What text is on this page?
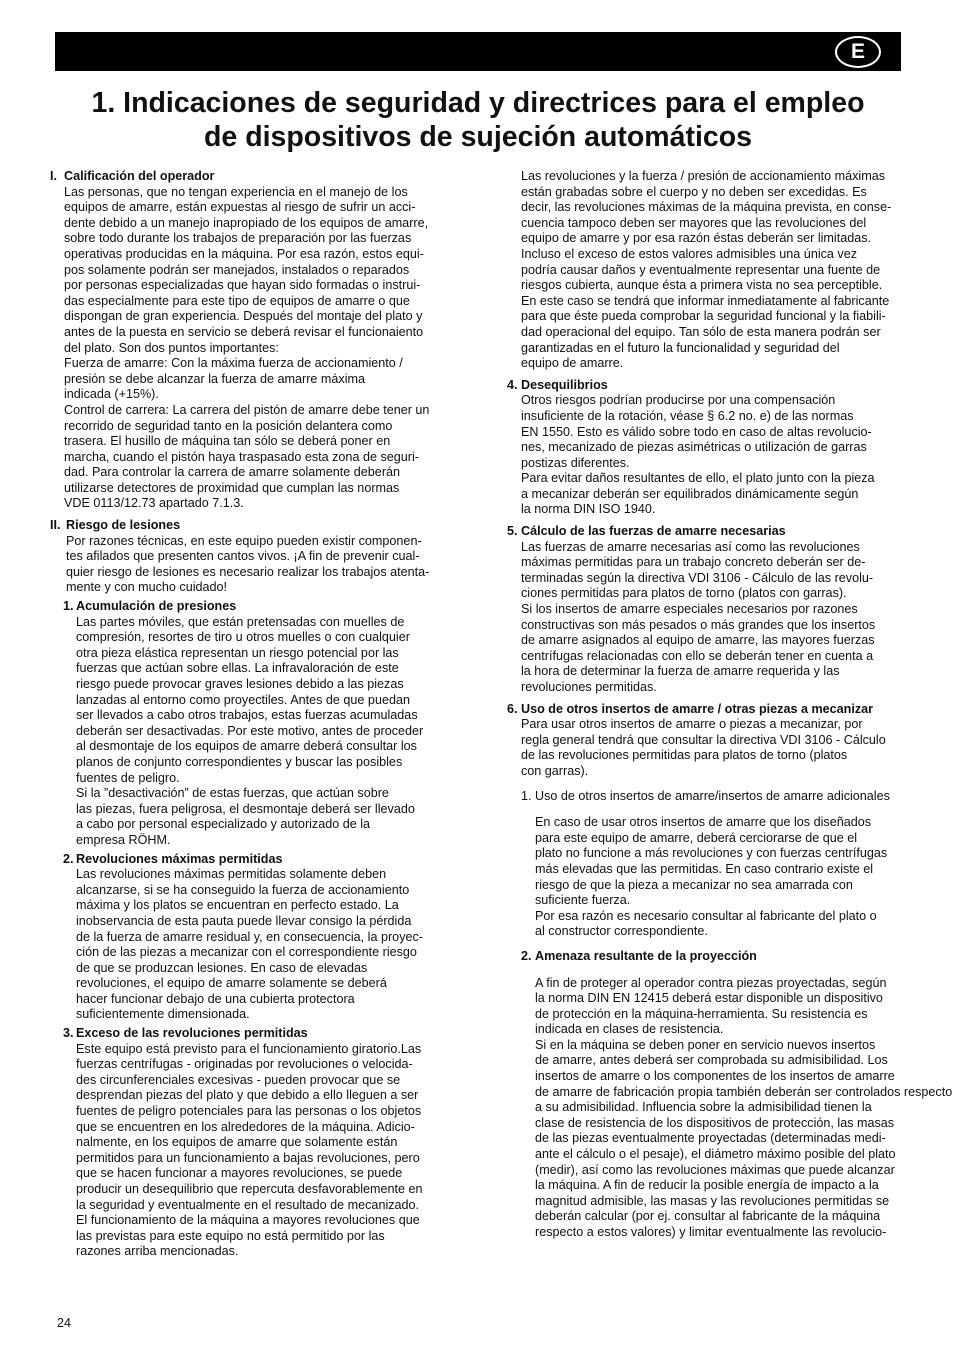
E
1. Indicaciones de seguridad y directrices para el empleo
de dispositivos de sujeción automáticos
I. Calificación del operador
Las personas, que no tengan experiencia en el manejo de los
equipos de amarre, están expuestas al riesgo de sufrir un acci-
dente debido a un manejo inapropiado de los equipos de amarre,
sobre todo durante los trabajos de preparación por las fuerzas
operativas producidas en la máquina. Por esa razón, estos equi-
pos solamente podrán ser manejados, instalados o reparados
por personas especializadas que hayan sido formadas o instrui-
das especialmente para este tipo de equipos de amarre o que
dispongan de gran experiencia. Después del montaje del plato y
antes de la puesta en servicio se deberá revisar el funcionaiento
del plato. Son dos puntos importantes:
Fuerza de amarre: Con la máxima fuerza de accionamiento /
presión se debe alcanzar la fuerza de amarre máxima
indicada (+15%).
Control de carrera: La carrera del pistón de amarre debe tener un
recorrido de seguridad tanto en la posición delantera como
trasera. El husillo de máquina tan sólo se deberá poner en
marcha, cuando el pistón haya traspasado esta zona de seguri-
dad. Para controlar la carrera de amarre solamente deberán
utilizarse detectores de proximidad que cumplan las normas
VDE 0113/12.73 apartado 7.1.3.
II. Riesgo de lesiones
Por razones técnicas, en este equipo pueden existir componen-
tes afilados que presenten cantos vivos. ¡A fin de prevenir cual-
quier riesgo de lesiones es necesario realizar los trabajos atenta-
mente y con mucho cuidado!
1. Acumulación de presiones
Las partes móviles, que están pretensadas con muelles de
compresión, resortes de tiro u otros muelles o con cualquier
otra pieza elástica representan un riesgo potencial por las
fuerzas que actúan sobre ellas. La infravaloración de este
riesgo puede provocar graves lesiones debido a las piezas
lanzadas al entorno como proyectiles. Antes de que puedan
ser llevados a cabo otros trabajos, estas fuerzas acumuladas
deberán ser desactivadas. Por este motivo, antes de proceder
al desmontaje de los equipos de amarre deberá consultar los
planos de conjunto correspondientes y buscar las posibles
fuentes de peligro.
Si la ”desactivación” de estas fuerzas, que actúan sobre
las piezas, fuera peligrosa, el desmontaje deberá ser llevado
a cabo por personal especializado y autorizado de la
empresa RÖHM.
2. Revoluciones máximas permitidas
Las revoluciones máximas permitidas solamente deben
alcanzarse, si se ha conseguido la fuerza de accionamiento
máxima y los platos se encuentran en perfecto estado. La
inobservancia de esta pauta puede llevar consigo la pérdida
de la fuerza de amarre residual y, en consecuencia, la proyec-
ción de las piezas a mecanizar con el correspondiente riesgo
de que se produzcan lesiones. En caso de elevadas
revoluciones, el equipo de amarre solamente se deberá
hacer funcionar debajo de una cubierta protectora
suficientemente dimensionada.
3. Exceso de las revoluciones permitidas
Este equipo está previsto para el funcionamiento giratorio.Las
fuerzas centrífugas - originadas por revoluciones o velocida-
des circunferenciales excesivas - pueden provocar que se
desprendan piezas del plato y que debido a ello lleguen a ser
fuentes de peligro potenciales para las personas o los objetos
que se encuentren en los alrededores de la máquina. Adicio-
nalmente, en los equipos de amarre que solamente están
permitidos para un funcionamiento a bajas revoluciones, pero
que se hacen funcionar a mayores revoluciones, se puede
producir un desequilibrio que repercuta desfavorablemente en
la seguridad y eventualmente en el resultado de mecanizado.
El funcionamiento de la máquina a mayores revoluciones que
las previstas para este equipo no está permitido por las
razones arriba mencionadas.
Las revoluciones y la fuerza / presión de accionamiento máximas
están grabadas sobre el cuerpo y no deben ser excedidas. Es
decir, las revoluciones máximas de la máquina prevista, en conse-
cuencia tampoco deben ser mayores que las revoluciones del
equipo de amarre y por esa razón éstas deberán ser limitadas.
Incluso el exceso de estos valores admisibles una única vez
podría causar daños y eventualmente representar una fuente de
riesgos cubierta, aunque ésta a primera vista no sea perceptible.
En este caso se tendrá que informar inmediatamente al fabricante
para que éste pueda comprobar la seguridad funcional y la fiabili-
dad operacional del equipo. Tan sólo de esta manera podrán ser
garantizadas en el futuro la funcionalidad y seguridad del
equipo de amarre.
4. Desequilibrios
Otros riesgos podrían producirse por una compensación
insuficiente de la rotación, véase § 6.2 no. e) de las normas
EN 1550. Esto es válido sobre todo en caso de altas revolucio-
nes, mecanizado de piezas asimétricas o utilización de garras
postizas diferentes.
Para evitar daños resultantes de ello, el plato junto con la pieza
a mecanizar deberán ser equilibrados dinámicamente según
la norma DIN ISO 1940.
5. Cálculo de las fuerzas de amarre necesarias
Las fuerzas de amarre necesarias así como las revoluciones
máximas permitidas para un trabajo concreto deberán ser de-
terminadas según la directiva VDI 3106 - Cálculo de las revolu-
ciones permitidas para platos de torno (platos con garras).
Si los insertos de amarre especiales necesarios por razones
constructivas son más pesados o más grandes que los insertos
de amarre asignados al equipo de amarre, las mayores fuerzas
centrífugas relacionadas con ello se deberán tener en cuenta a
la hora de determinar la fuerza de amarre requerida y las
revoluciones permitidas.
6. Uso de otros insertos de amarre / otras piezas a mecanizar
Para usar otros insertos de amarre o piezas a mecanizar, por
regla general tendrá que consultar la directiva VDI 3106 - Cálculo
de las revoluciones permitidas para platos de torno (platos
con garras).
1. Uso de otros insertos de amarre/insertos de amarre adicionales
En caso de usar otros insertos de amarre que los diseñados
para este equipo de amarre, deberá cerciorarse de que el
plato no funcione a más revoluciones y con fuerzas centrífugas
más elevadas que las permitidas. En caso contrario existe el
riesgo de que la pieza a mecanizar no sea amarrada con
suficiente fuerza.
Por esa razón es necesario consultar al fabricante del plato o
al constructor correspondiente.
2. Amenaza resultante de la proyección
A fin de proteger al operador contra piezas proyectadas, según
la norma DIN EN 12415 deberá estar disponible un dispositivo
de protección en la máquina-herramienta. Su resistencia es
indicada en clases de resistencia.
Si en la máquina se deben poner en servicio nuevos insertos
de amarre, antes deberá ser comprobada su admisibilidad. Los
insertos de amarre o los componentes de los insertos de amarre
de amarre de fabricación propia también deberán ser controlados respecto
a su admisibilidad. Influencia sobre la admisibilidad tienen la
clase de resistencia de los dispositivos de protección, las masas
de las piezas eventualmente proyectadas (determinadas medi-
ante el cálculo o el pesaje), el diámetro máximo posible del plato
(medir), así como las revoluciones máximas que puede alcanzar
la máquina. A fin de reducir la posible energía de impacto a la
magnitud admisible, las masas y las revoluciones permitidas se
deberán calcular (por ej. consultar al fabricante de la máquina
respecto a estos valores) y limitar eventualmente las revolucio-
24
